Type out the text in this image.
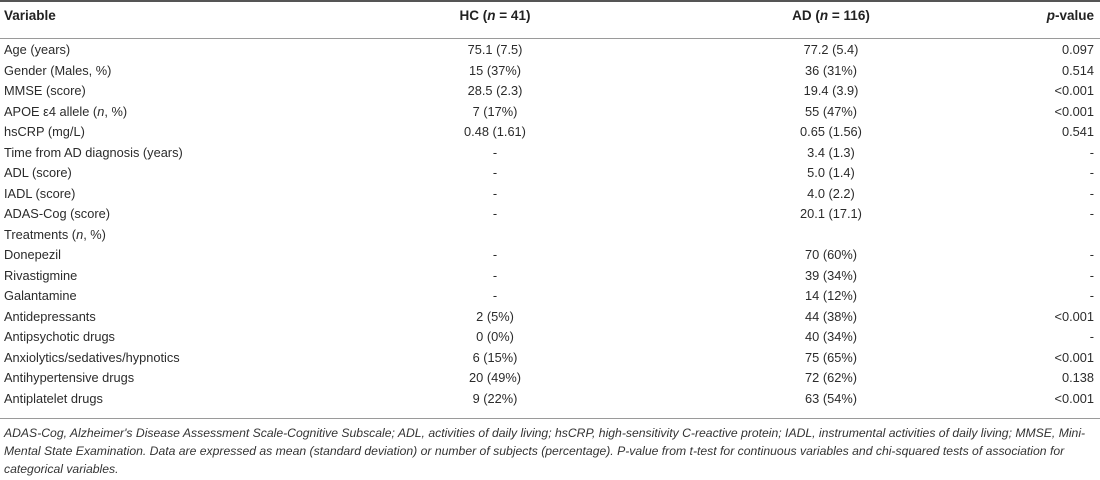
Variable	HC (n = 41)	AD (n = 116)	p-value
Age (years)	75.1 (7.5)	77.2 (5.4)	0.097
Gender (Males, %)	15 (37%)	36 (31%)	0.514
MMSE (score)	28.5 (2.3)	19.4 (3.9)	<0.001
APOE ε4 allele (n, %)	7 (17%)	55 (47%)	<0.001
hsCRP (mg/L)	0.48 (1.61)	0.65 (1.56)	0.541
Time from AD diagnosis (years)	-	3.4 (1.3)	-
ADL (score)	-	5.0 (1.4)	-
IADL (score)	-	4.0 (2.2)	-
ADAS-Cog (score)	-	20.1 (17.1)	-
Treatments (n, %)
Donepezil	-	70 (60%)	-
Rivastigmine	-	39 (34%)	-
Galantamine	-	14 (12%)	-
Antidepressants	2 (5%)	44 (38%)	<0.001
Antipsychotic drugs	0 (0%)	40 (34%)	-
Anxiolytics/sedatives/hypnotics	6 (15%)	75 (65%)	<0.001
Antihypertensive drugs	20 (49%)	72 (62%)	0.138
Antiplatelet drugs	9 (22%)	63 (54%)	<0.001
ADAS-Cog, Alzheimer's Disease Assessment Scale-Cognitive Subscale; ADL, activities of daily living; hsCRP, high-sensitivity C-reactive protein; IADL, instrumental activities of daily living; MMSE, Mini-Mental State Examination. Data are expressed as mean (standard deviation) or number of subjects (percentage). P-value from t-test for continuous variables and chi-squared tests of association for categorical variables.
